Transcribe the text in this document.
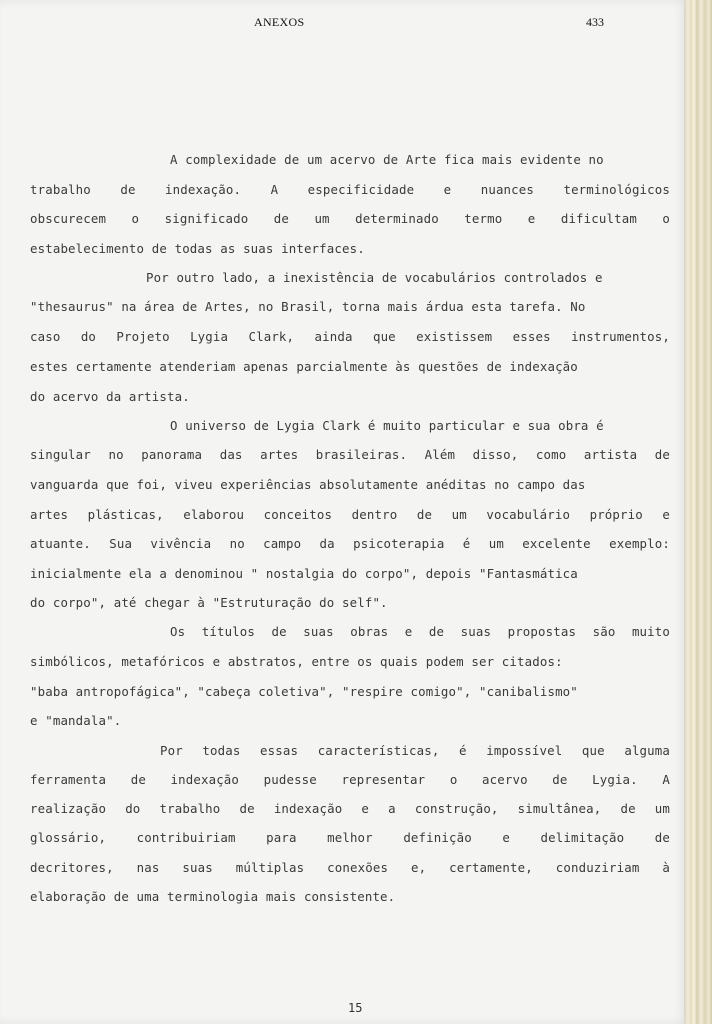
ANEXOS	433
A complexidade de um acervo de Arte fica mais evidente no
trabalho de indexação. A especificidade e nuances terminológicos
obscurecem o significado de um determinado termo e dificultam o
estabelecimento de todas as suas interfaces.
Por outro lado, a inexistência de vocabulários controlados e
"thesaurus" na área de Artes, no Brasil, torna mais árdua esta tarefa. No
caso do Projeto Lygia Clark, ainda que existissem esses instrumentos,
estes certamente atenderiam apenas parcialmente às questões de indexação
do acervo da artista.
O universo de Lygia Clark é muito particular e sua obra é
singular no panorama das artes brasileiras. Além disso, como artista de
vanguarda que foi, viveu experiências absolutamente anéditas no campo das
artes plásticas, elaborou conceitos dentro de um vocabulário próprio e
atuante. Sua vivência no campo da psicoterapia é um excelente exemplo:
inicialmente ela a denominou " nostalgia do corpo", depois "Fantasmática
do corpo", até chegar à "Estruturação do self".
Os títulos de suas obras e de suas propostas são muito
simbólicos, metafóricos e abstratos, entre os quais podem ser citados:
"baba antropofágica", "cabeça coletiva", "respire comigo", "canibalismo"
e "mandala".
Por todas essas características, é impossível que alguma
ferramenta de indexação pudesse representar o acervo de Lygia. A
realização do trabalho de indexação e a construção, simultânea, de um
glossário, contribuiriam para melhor definição e delimitação de
decritores, nas suas múltiplas conexões e, certamente, conduziriam à
elaboração de uma terminologia mais consistente.
15
